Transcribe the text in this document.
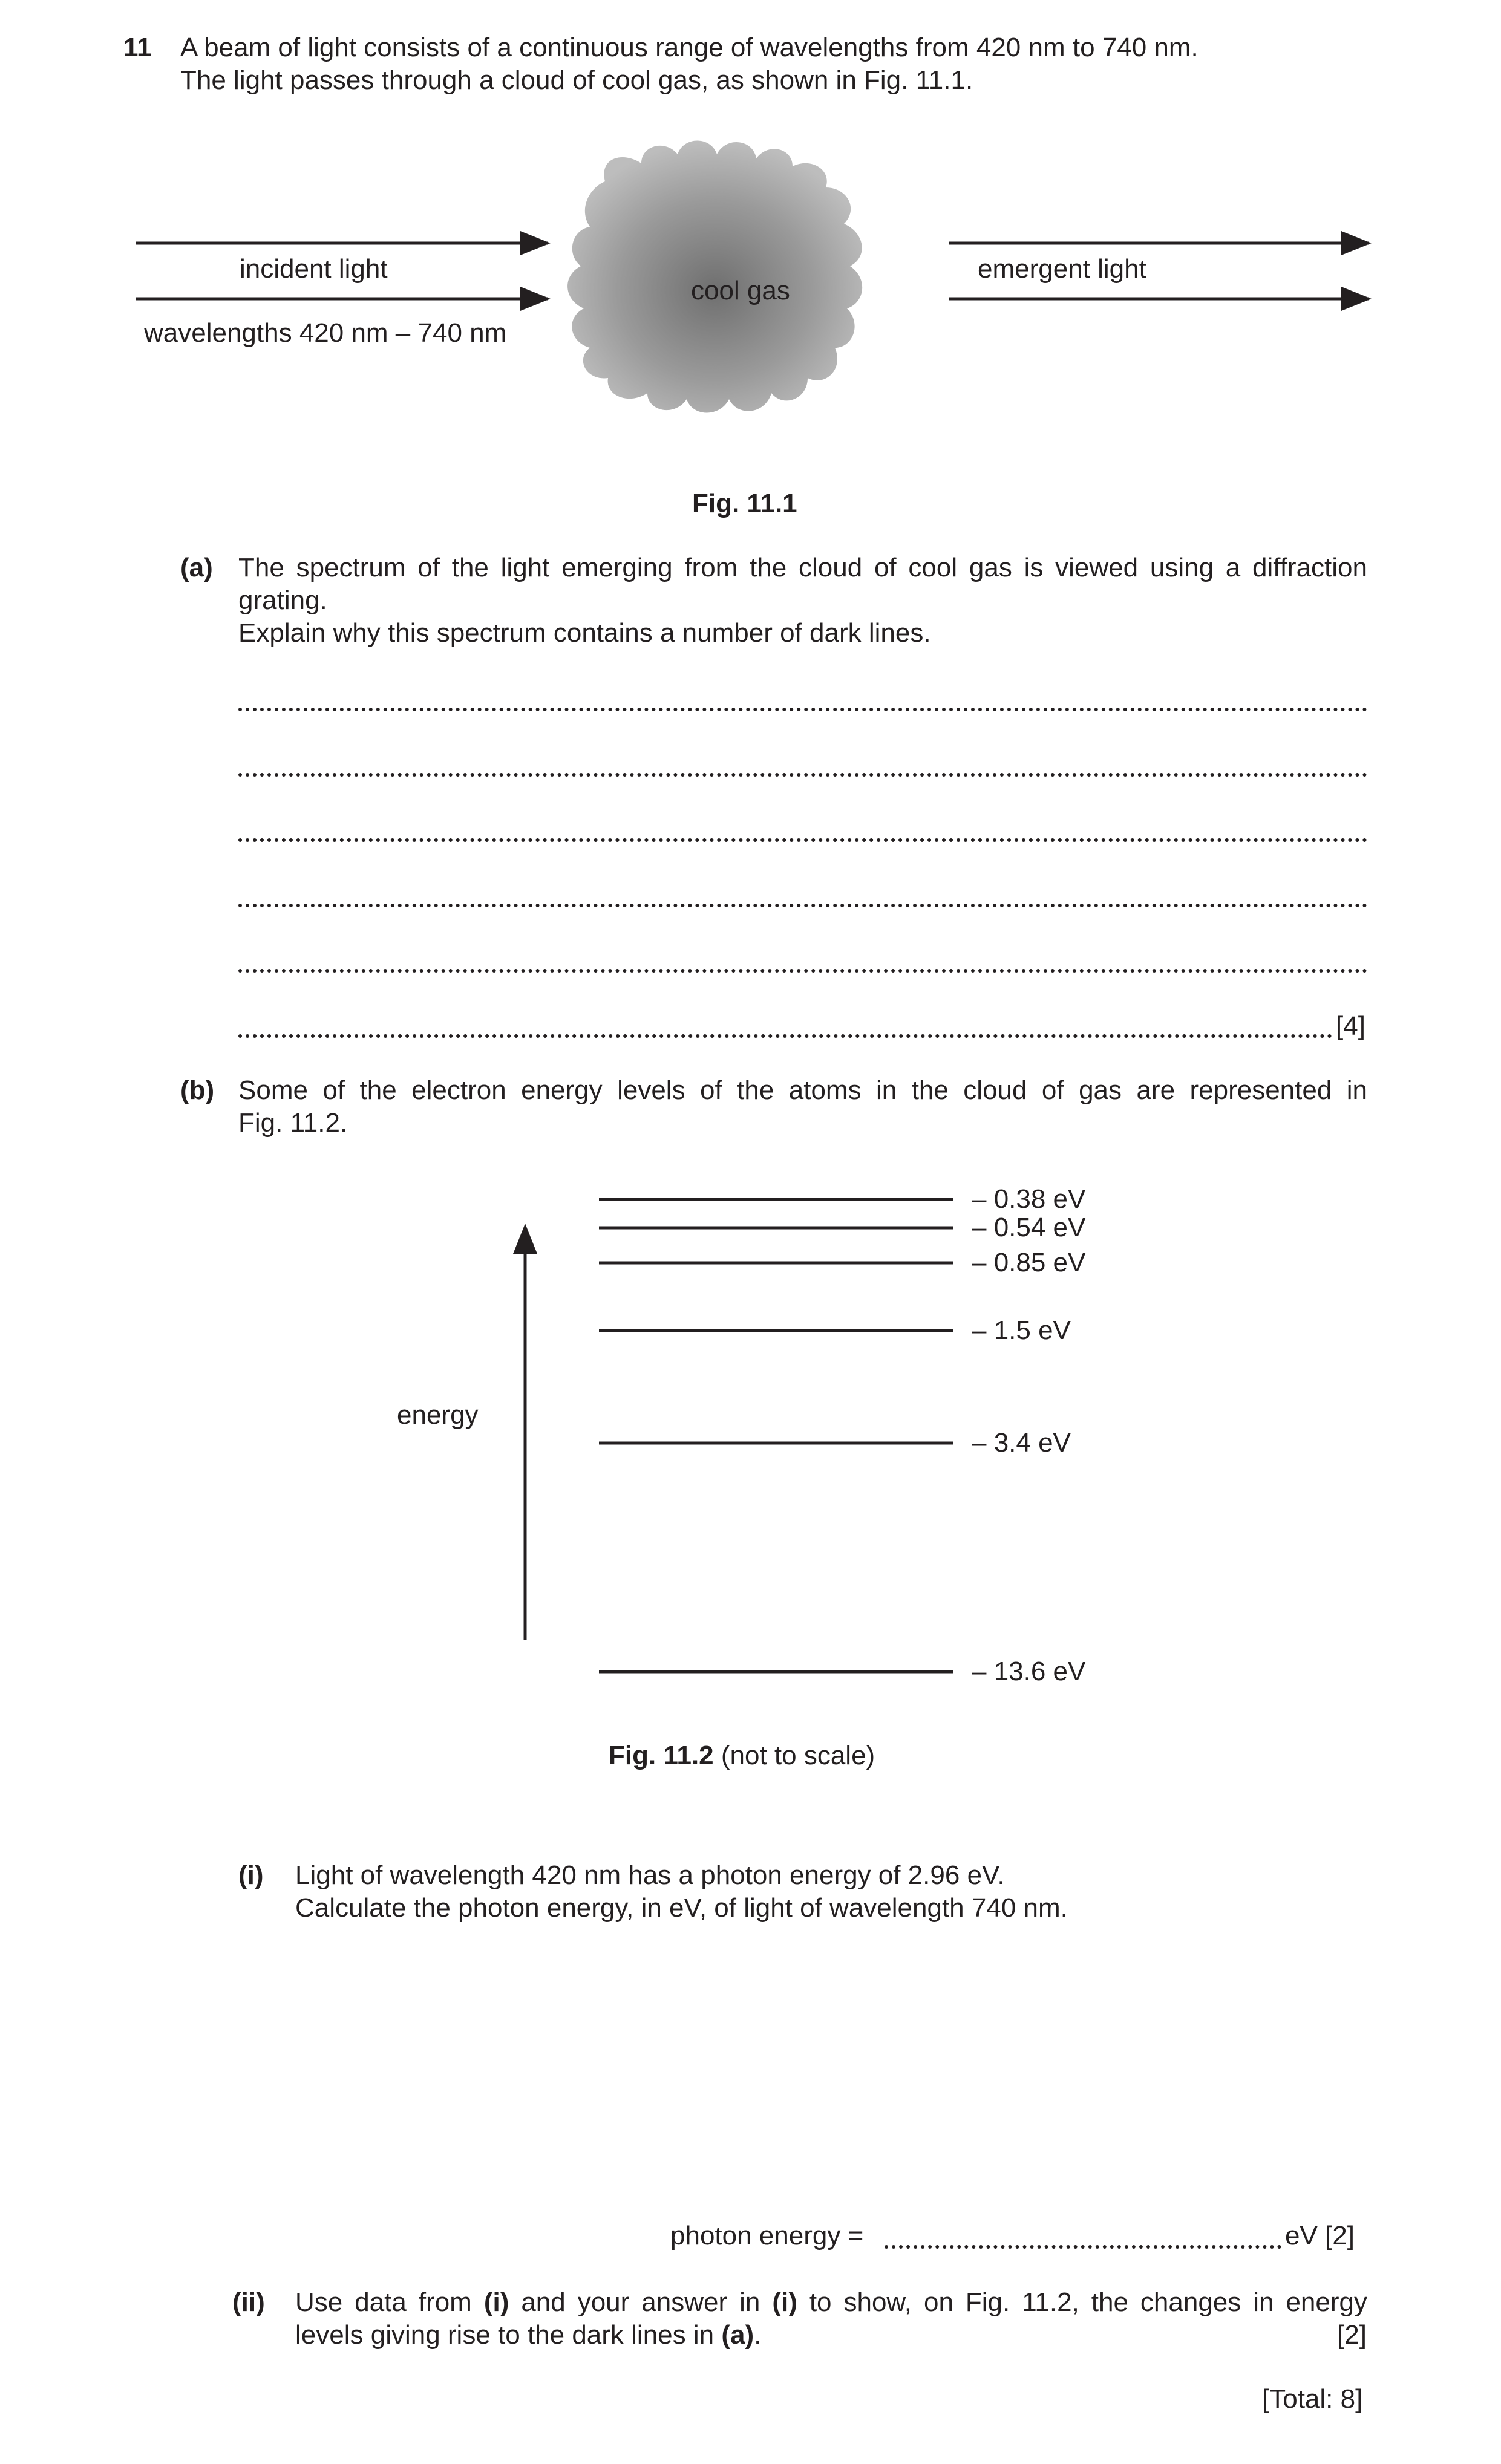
11 A beam of light consists of a continuous range of wavelengths from 420 nm to 740 nm.
The light passes through a cloud of cool gas, as shown in Fig. 11.1.
incident light
wavelengths 420 nm – 740 nm
cool gas
emergent light
Fig. 11.1
(a) The spectrum of the light emerging from the cloud of cool gas is viewed using a diffraction
grating.
Explain why this spectrum contains a number of dark lines.
[4]
(b) Some of the electron energy levels of the atoms in the cloud of gas are represented in
Fig. 11.2.
– 0.38 eV
– 0.54 eV
– 0.85 eV
– 1.5 eV
– 3.4 eV
– 13.6 eV
energy
Fig. 11.2 (not to scale)
(i) Light of wavelength 420 nm has a photon energy of 2.96 eV.
Calculate the photon energy, in eV, of light of wavelength 740 nm.
photon energy =	eV [2]
(ii) Use data from (i) and your answer in (i) to show, on Fig. 11.2, the changes in energy
levels giving rise to the dark lines in (a).	[2]
[Total: 8]
